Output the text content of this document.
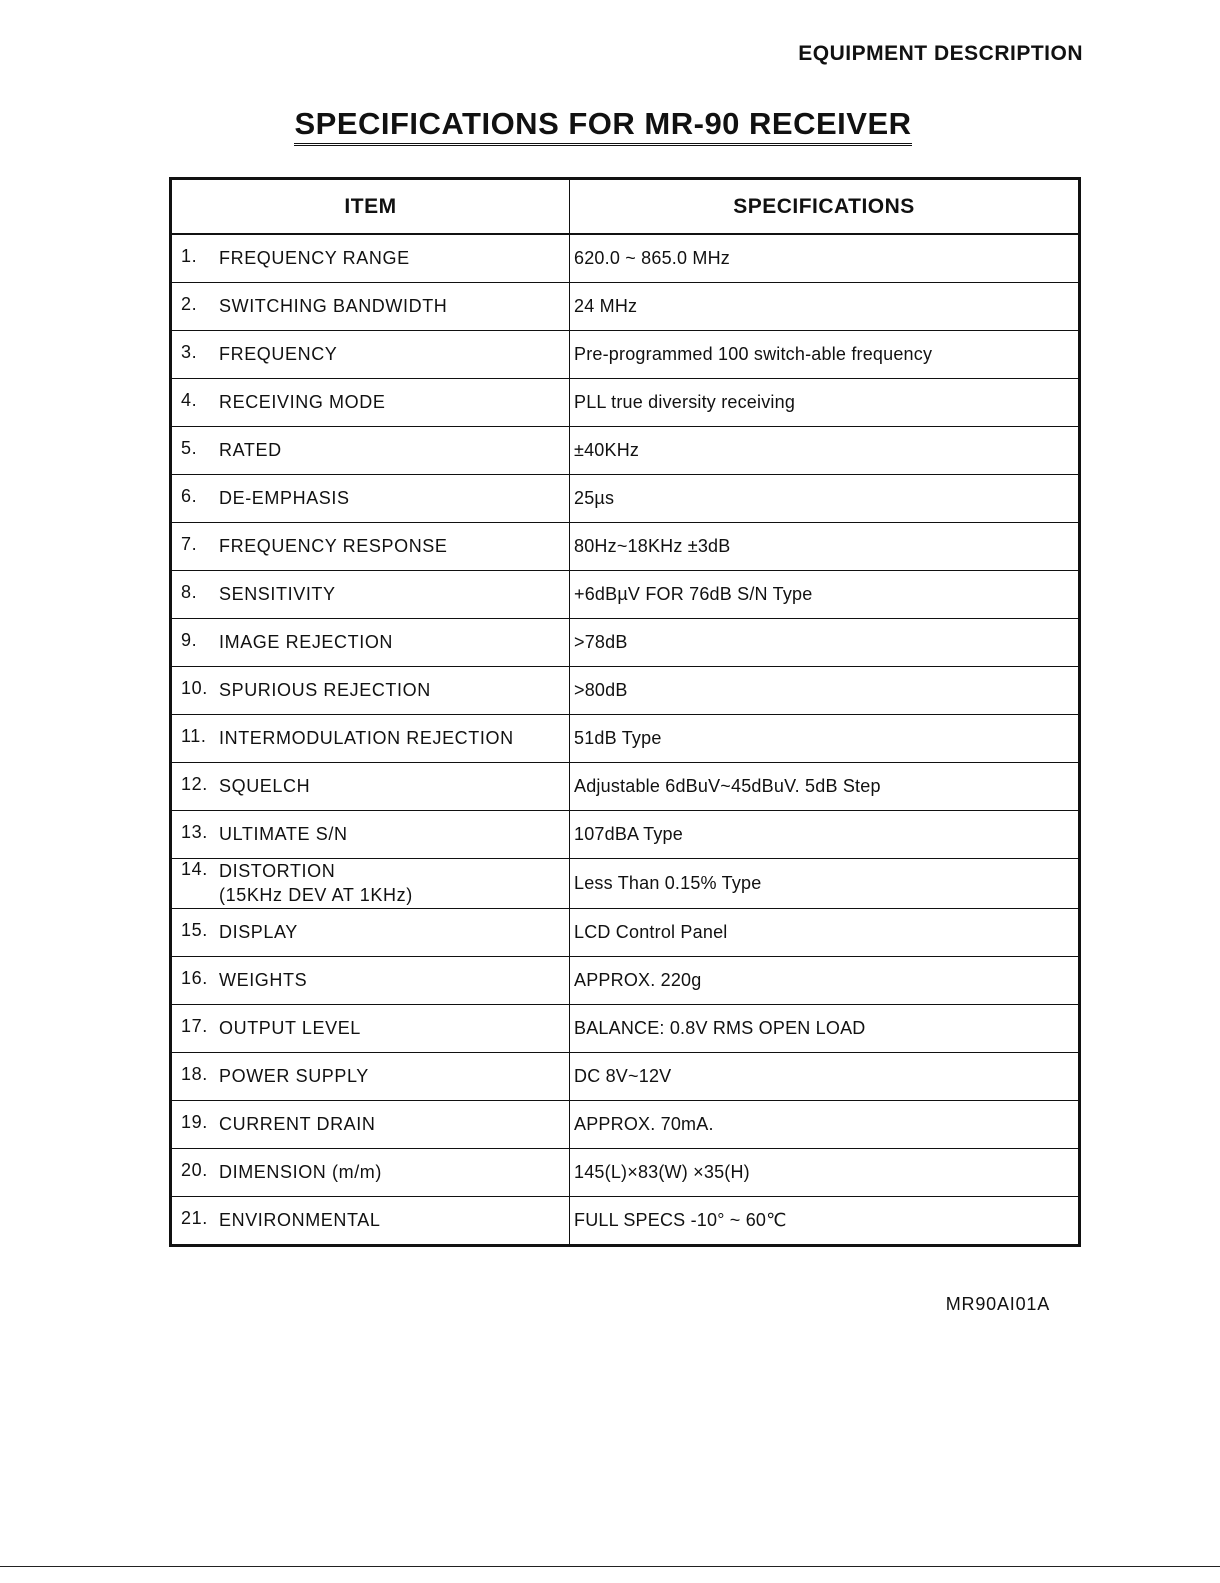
EQUIPMENT DESCRIPTION
SPECIFICATIONS FOR MR-90 RECEIVER
ITEM	SPECIFICATIONS

1. FREQUENCY RANGE	620.0 ~ 865.0 MHz

2. SWITCHING BANDWIDTH	24 MHz

3. FREQUENCY	Pre-programmed 100 switch-able frequency

4. RECEIVING MODE	PLL true diversity receiving

5. RATED	±40KHz

6. DE-EMPHASIS	25µs

7. FREQUENCY RESPONSE	80Hz~18KHz ±3dB

8. SENSITIVITY	+6dBµV FOR 76dB S/N Type

9. IMAGE REJECTION	>78dB

10. SPURIOUS REJECTION	>80dB

11. INTERMODULATION REJECTION	51dB Type

12. SQUELCH	Adjustable 6dBuV~45dBuV. 5dB Step

13. ULTIMATE S/N	107dBA Type

14. DISTORTION
(15KHz DEV AT 1KHz)	Less Than 0.15% Type

15. DISPLAY	LCD Control Panel

16. WEIGHTS	APPROX. 220g

17. OUTPUT LEVEL	BALANCE: 0.8V RMS OPEN LOAD

18. POWER SUPPLY	DC 8V~12V

19. CURRENT DRAIN	APPROX. 70mA.

20. DIMENSION (m/m)	145(L)×83(W) ×35(H)

21. ENVIRONMENTAL	FULL SPECS -10° ~ 60℃
MR90AI01A
